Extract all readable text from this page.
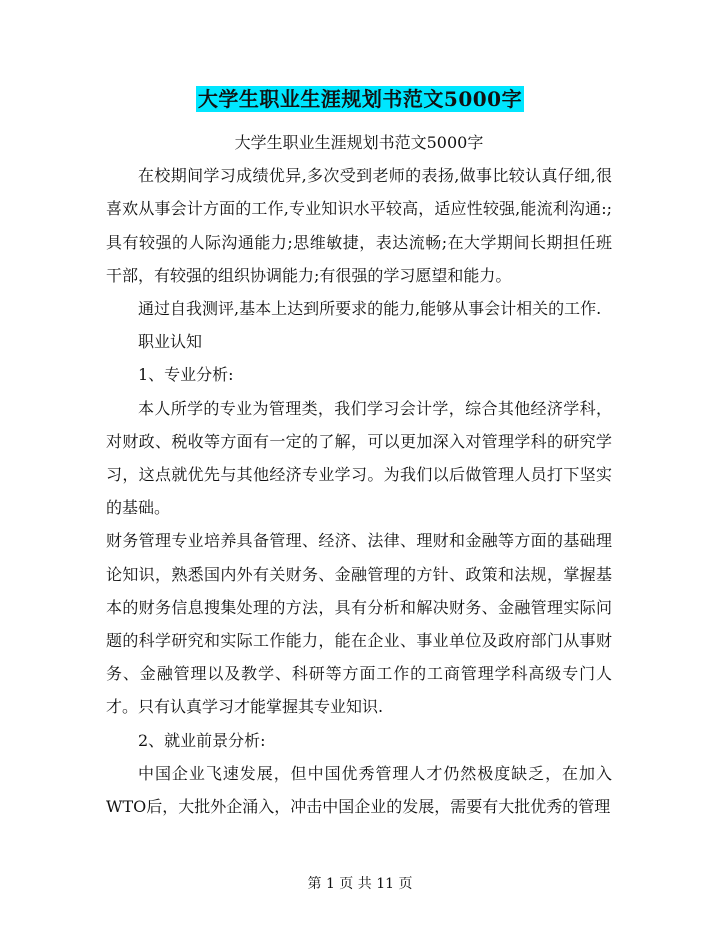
大学生职业生涯规划书范文5000字

大学生职业生涯规划书范文5000字

在校期间学习成绩优异,多次受到老师的表扬,做事比较认真仔细,很喜欢从事会计方面的工作,专业知识水平较高，适应性较强,能流利沟通:;具有较强的人际沟通能力;思维敏捷，表达流畅;在大学期间长期担任班干部，有较强的组织协调能力;有很强的学习愿望和能力。

通过自我测评,基本上达到所要求的能力,能够从事会计相关的工作.

职业认知

1、专业分析:

本人所学的专业为管理类，我们学习会计学，综合其他经济学科，对财政、税收等方面有一定的了解，可以更加深入对管理学科的研究学习，这点就优先与其他经济专业学习。为我们以后做管理人员打下坚实的基础。

财务管理专业培养具备管理、经济、法律、理财和金融等方面的基础理论知识，熟悉国内外有关财务、金融管理的方针、政策和法规，掌握基本的财务信息搜集处理的方法，具有分析和解决财务、金融管理实际问题的科学研究和实际工作能力，能在企业、事业单位及政府部门从事财务、金融管理以及教学、科研等方面工作的工商管理学科高级专门人才。只有认真学习才能掌握其专业知识.

2、就业前景分析:

中国企业飞速发展，但中国优秀管理人才仍然极度缺乏，在加入WTO后，大批外企涌入，冲击中国企业的发展，需要有大批优秀的管理

第 1 页 共 11 页
